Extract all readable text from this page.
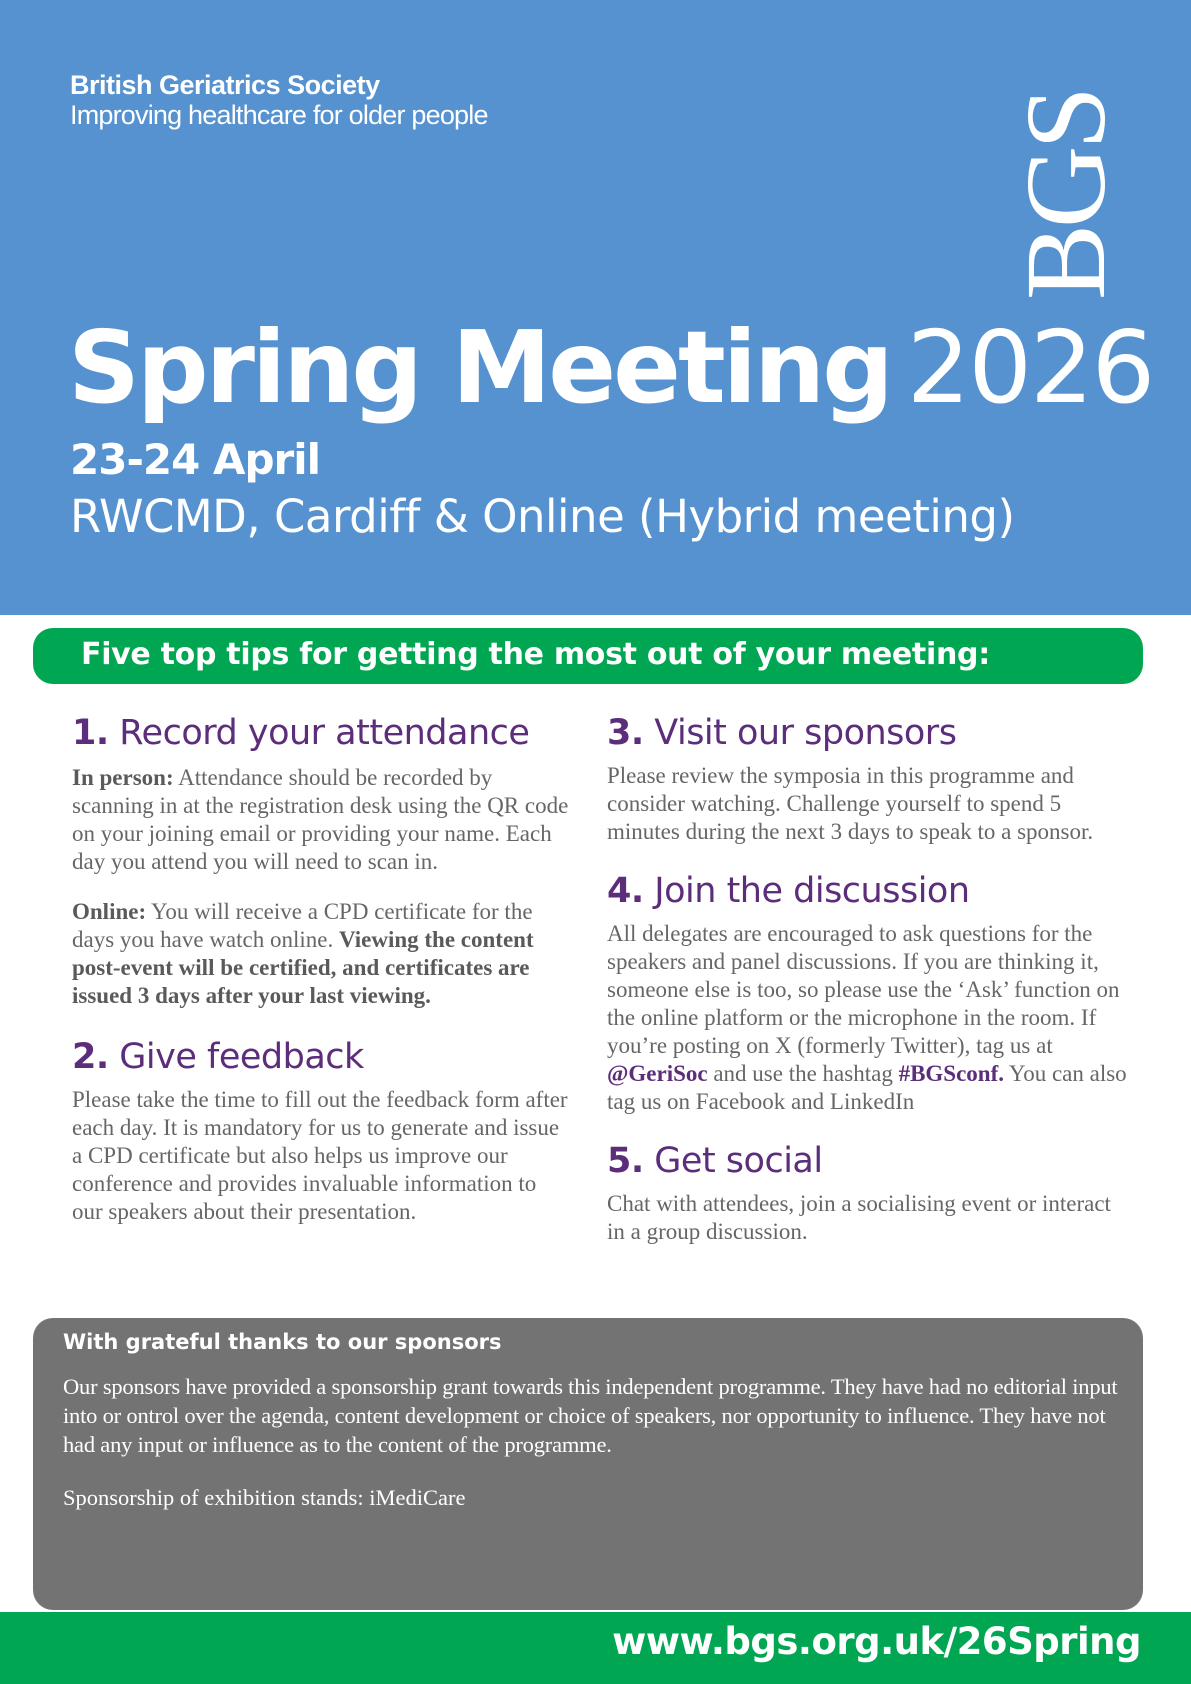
British Geriatrics Society
Improving healthcare for older people	BGS
Spring Meeting 2026
23-24 April
RWCMD, Cardiff & Online (Hybrid meeting)
Five top tips for getting the most out of your meeting:
1. Record your attendance

In person: Attendance should be recorded by scanning in at the registration desk using the QR code on your joining email or providing your name. Each day you attend you will need to scan in.

Online: You will receive a CPD certificate for the days you have watch online. Viewing the content post-event will be certified, and certificates are issued 3 days after your last viewing.

2. Give feedback

Please take the time to fill out the feedback form after each day. It is mandatory for us to generate and issue a CPD certificate but also helps us improve our conference and provides invaluable information to our speakers about their presentation.

3. Visit our sponsors

Please review the symposia in this programme and consider watching. Challenge yourself to spend 5 minutes during the next 3 days to speak to a sponsor.

4. Join the discussion

All delegates are encouraged to ask questions for the speakers and panel discussions. If you are thinking it, someone else is too, so please use the ‘Ask’ function on the online platform or the microphone in the room. If you’re posting on X (formerly Twitter), tag us at @GeriSoc and use the hashtag #BGSconf. You can also tag us on Facebook and LinkedIn

5. Get social

Chat with attendees, join a socialising event or interact in a group discussion.

With grateful thanks to our sponsors
Our sponsors have provided a sponsorship grant towards this independent programme. They have had no editorial input into or ontrol over the agenda, content development or choice of speakers, nor opportunity to influence. They have not had any input or influence as to the content of the programme.
Sponsorship of exhibition stands: iMediCare
www.bgs.org.uk/26Spring
